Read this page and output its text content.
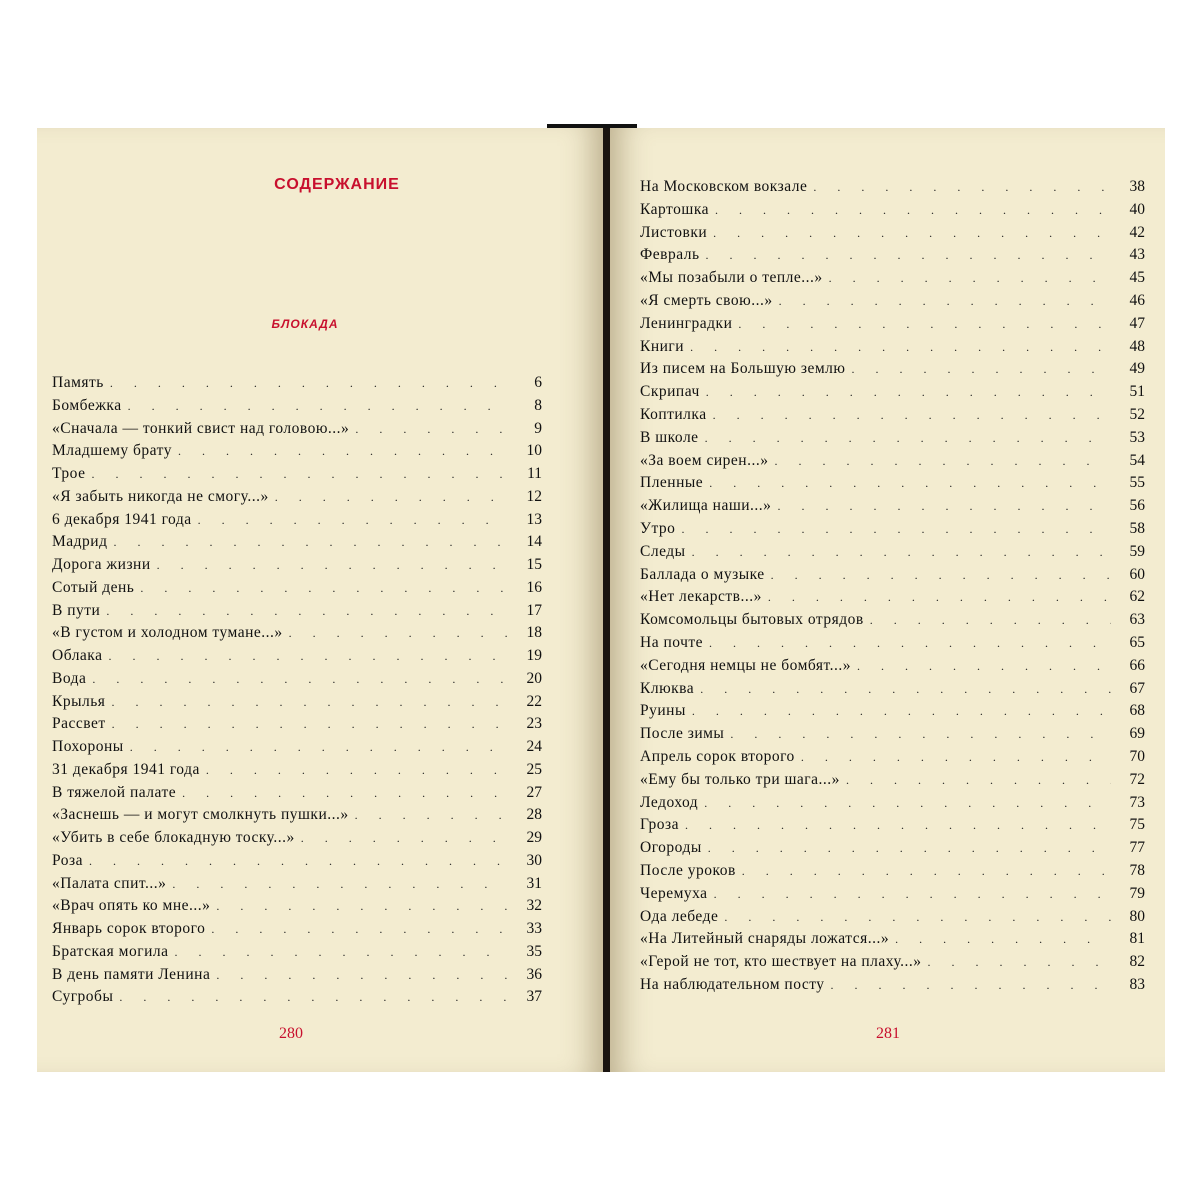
СОДЕРЖАНИЕ
БЛОКАДА
Память . . .	6
Бомбежка . . .	8
«Сначала — тонкий свист над головою...» . . .	9
Младшему брату . . .	10
Трое . . .	11
«Я забыть никогда не смогу...» . . .	12
6 декабря 1941 года . . .	13
Мадрид . . .	14
Дорога жизни . . .	15
Сотый день . . .	16
В пути . . .	17
«В густом и холодном тумане...» . . .	18
Облака . . .	19
Вода . . .	20
Крылья . . .	22
Рассвет . . .	23
Похороны . . .	24
31 декабря 1941 года . . .	25
В тяжелой палате . . .	27
«Заснешь — и могут смолкнуть пушки...» . . .	28
«Убить в себе блокадную тоску...» . . .	29
Роза . . .	30
«Палата спит...» . . .	31
«Врач опять ко мне...» . . .	32
Январь сорок второго . . .	33
Братская могила . . .	35
В день памяти Ленина . . .	36
Сугробы . . .	37
280
На Московском вокзале . . .	38
Картошка . . .	40
Листовки . . .	42
Февраль . . .	43
«Мы позабыли о тепле...» . . .	45
«Я смерть свою...» . . .	46
Ленинградки . . .	47
Книги . . .	48
Из писем на Большую землю . . .	49
Скрипач . . .	51
Коптилка . . .	52
В школе . . .	53
«За воем сирен...» . . .	54
Пленные . . .	55
«Жилища наши...» . . .	56
Утро . . .	58
Следы . . .	59
Баллада о музыке . . .	60
«Нет лекарств...» . . .	62
Комсомольцы бытовых отрядов . . .	63
На почте . . .	65
«Сегодня немцы не бомбят...» . . .	66
Клюква . . .	67
Руины . . .	68
После зимы . . .	69
Апрель сорок второго . . .	70
«Ему бы только три шага...» . . .	72
Ледоход . . .	73
Гроза . . .	75
Огороды . . .	77
После уроков . . .	78
Черемуха . . .	79
Ода лебеде . . .	80
«На Литейный снаряды ложатся...» . . .	81
«Герой не тот, кто шествует на плаху...» . . .	82
На наблюдательном посту . . .	83
281
